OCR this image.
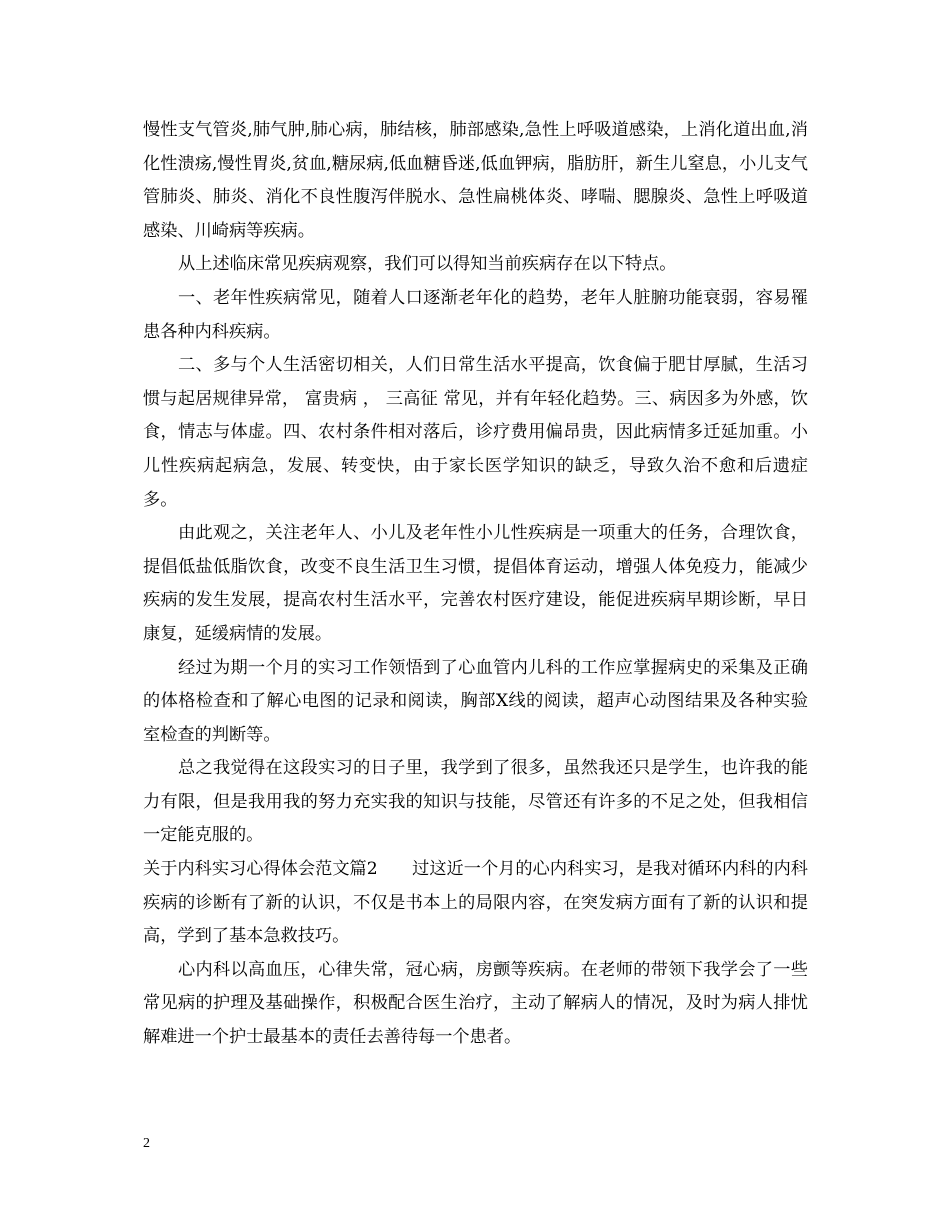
慢性支气管炎,肺气肿,肺心病，肺结核，肺部感染,急性上呼吸道感染，上消化道出血,消化性溃疡,慢性胃炎,贫血,糖尿病,低血糖昏迷,低血钾病，脂肪肝，新生儿窒息，小儿支气管肺炎、肺炎、消化不良性腹泻伴脱水、急性扁桃体炎、哮喘、腮腺炎、急性上呼吸道感染、川崎病等疾病。

从上述临床常见疾病观察，我们可以得知当前疾病存在以下特点。

一、老年性疾病常见，随着人口逐渐老年化的趋势，老年人脏腑功能衰弱，容易罹患各种内科疾病。

二、多与个人生活密切相关，人们日常生活水平提高，饮食偏于肥甘厚腻，生活习惯与起居规律异常， 富贵病 ， 三高征 常见，并有年轻化趋势。三、病因多为外感，饮食，情志与体虚。四、农村条件相对落后，诊疗费用偏昂贵，因此病情多迁延加重。小儿性疾病起病急，发展、转变快，由于家长医学知识的缺乏，导致久治不愈和后遗症多。

由此观之，关注老年人、小儿及老年性小儿性疾病是一项重大的任务，合理饮食，提倡低盐低脂饮食，改变不良生活卫生习惯，提倡体育运动，增强人体免疫力，能减少疾病的发生发展，提高农村生活水平，完善农村医疗建设，能促进疾病早期诊断，早日康复，延缓病情的发展。

经过为期一个月的实习工作领悟到了心血管内儿科的工作应掌握病史的采集及正确的体格检查和了解心电图的记录和阅读，胸部X线的阅读，超声心动图结果及各种实验室检查的判断等。

总之我觉得在这段实习的日子里，我学到了很多，虽然我还只是学生，也许我的能力有限，但是我用我的努力充实我的知识与技能，尽管还有许多的不足之处，但我相信一定能克服的。

关于内科实习心得体会范文篇2　　过这近一个月的心内科实习，是我对循环内科的内科疾病的诊断有了新的认识，不仅是书本上的局限内容，在突发病方面有了新的认识和提高，学到了基本急救技巧。

心内科以高血压，心律失常，冠心病，房颤等疾病。在老师的带领下我学会了一些常见病的护理及基础操作，积极配合医生治疗，主动了解病人的情况，及时为病人排忧解难进一个护士最基本的责任去善待每一个患者。

2
